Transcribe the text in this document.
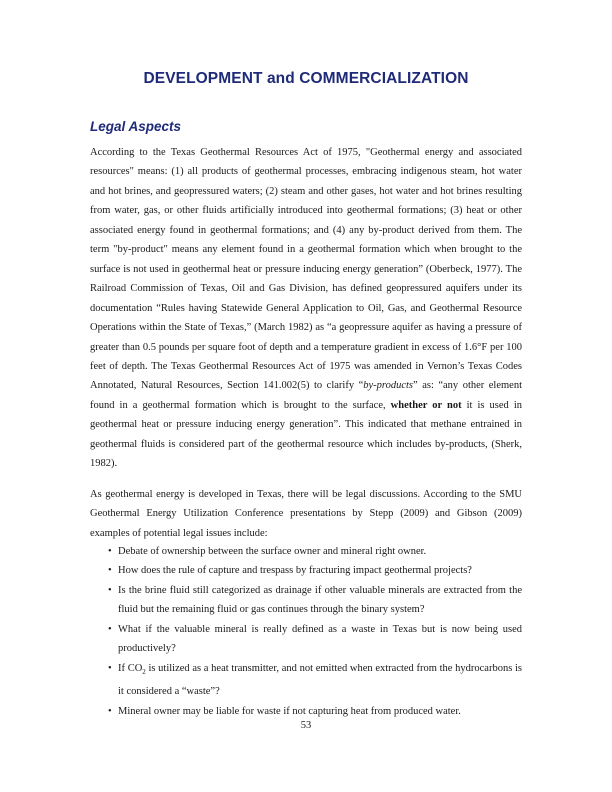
DEVELOPMENT and COMMERCIALIZATION
Legal Aspects

According to the Texas Geothermal Resources Act of 1975, "Geothermal energy and associated resources" means: (1) all products of geothermal processes, embracing indigenous steam, hot water and hot brines, and geopressured waters; (2) steam and other gases, hot water and hot brines resulting from water, gas, or other fluids artificially introduced into geothermal formations; (3) heat or other associated energy found in geothermal formations; and (4) any by-product derived from them. The term "by-product" means any element found in a geothermal formation which when brought to the surface is not used in geothermal heat or pressure inducing energy generation” (Oberbeck, 1977). The Railroad Commission of Texas, Oil and Gas Division, has defined geopressured aquifers under its documentation “Rules having Statewide General Application to Oil, Gas, and Geothermal Resource Operations within the State of Texas,” (March 1982) as “a geopressure aquifer as having a pressure of greater than 0.5 pounds per square foot of depth and a temperature gradient in excess of 1.6°F per 100 feet of depth. The Texas Geothermal Resources Act of 1975 was amended in Vernon’s Texas Codes Annotated, Natural Resources, Section 141.002(5) to clarify “by-products” as: “any other element found in a geothermal formation which is brought to the surface, whether or not it is used in geothermal heat or pressure inducing energy generation”. This indicated that methane entrained in geothermal fluids is considered part of the geothermal resource which includes by-products, (Sherk, 1982).

As geothermal energy is developed in Texas, there will be legal discussions. According to the SMU Geothermal Energy Utilization Conference presentations by Stepp (2009) and Gibson (2009) examples of potential legal issues include:

• Debate of ownership between the surface owner and mineral right owner.
• How does the rule of capture and trespass by fracturing impact geothermal projects?
• Is the brine fluid still categorized as drainage if other valuable minerals are extracted from the fluid but the remaining fluid or gas continues through the binary system?
• What if the valuable mineral is really defined as a waste in Texas but is now being used productively?
• If $CO_2$ is utilized as a heat transmitter, and not emitted when extracted from the hydrocarbons is it considered a “waste”?
• Mineral owner may be liable for waste if not capturing heat from produced water.
53
